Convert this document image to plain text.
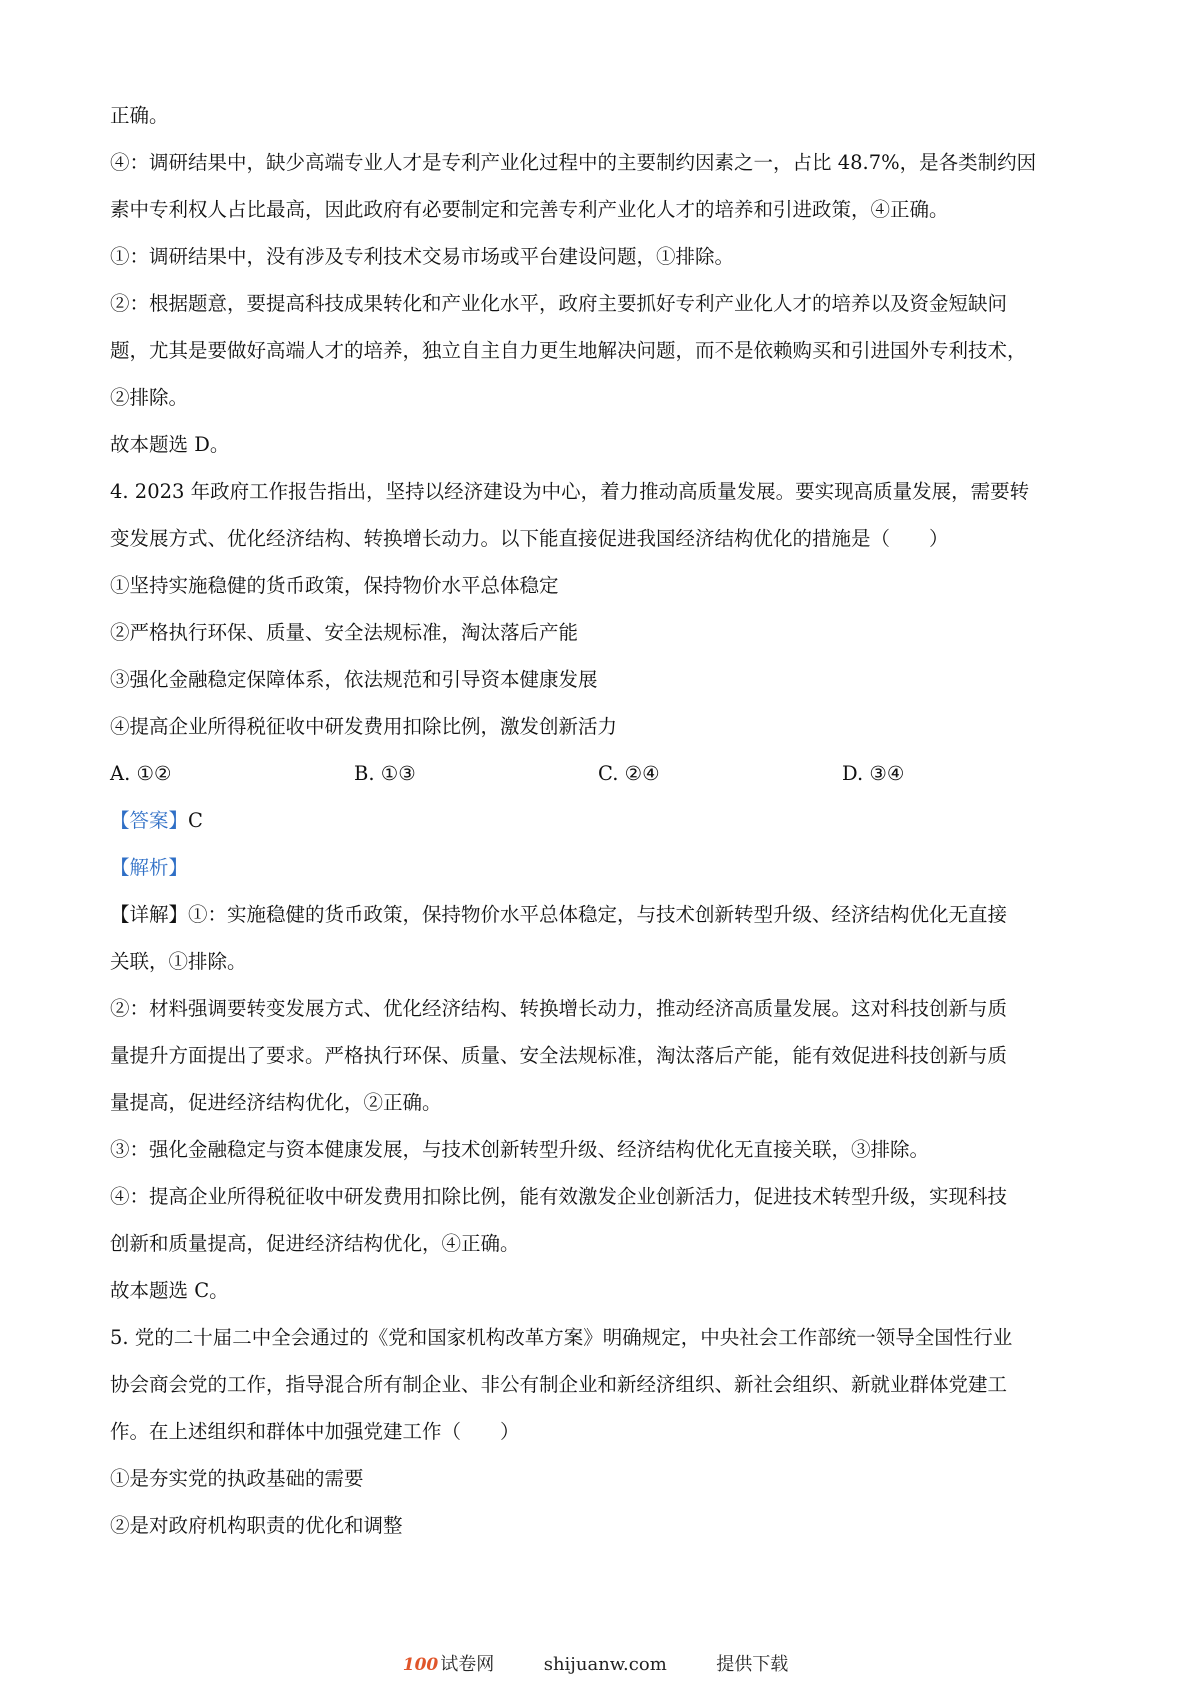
正确。

④：调研结果中，缺少高端专业人才是专利产业化过程中的主要制约因素之一，占比 48.7%，是各类制约因

素中专利权人占比最高，因此政府有必要制定和完善专利产业化人才的培养和引进政策，④正确。

①：调研结果中，没有涉及专利技术交易市场或平台建设问题，①排除。

②：根据题意，要提高科技成果转化和产业化水平，政府主要抓好专利产业化人才的培养以及资金短缺问

题，尤其是要做好高端人才的培养，独立自主自力更生地解决问题，而不是依赖购买和引进国外专利技术，

②排除。

故本题选 D。

4. 2023 年政府工作报告指出，坚持以经济建设为中心，着力推动高质量发展。要实现高质量发展，需要转

变发展方式、优化经济结构、转换增长动力。以下能直接促进我国经济结构优化的措施是（　　）

①坚持实施稳健的货币政策，保持物价水平总体稳定

②严格执行环保、质量、安全法规标准，淘汰落后产能

③强化金融稳定保障体系，依法规范和引导资本健康发展

④提高企业所得税征收中研发费用扣除比例，激发创新活力

A. ①②	B. ①③	C. ②④	D. ③④

【答案】C

【解析】

【详解】①：实施稳健的货币政策，保持物价水平总体稳定，与技术创新转型升级、经济结构优化无直接

关联，①排除。

②：材料强调要转变发展方式、优化经济结构、转换增长动力，推动经济高质量发展。这对科技创新与质

量提升方面提出了要求。严格执行环保、质量、安全法规标准，淘汰落后产能，能有效促进科技创新与质

量提高，促进经济结构优化，②正确。

③：强化金融稳定与资本健康发展，与技术创新转型升级、经济结构优化无直接关联，③排除。

④：提高企业所得税征收中研发费用扣除比例，能有效激发企业创新活力，促进技术转型升级，实现科技

创新和质量提高，促进经济结构优化，④正确。

故本题选 C。

5. 党的二十届二中全会通过的《党和国家机构改革方案》明确规定，中央社会工作部统一领导全国性行业

协会商会党的工作，指导混合所有制企业、非公有制企业和新经济组织、新社会组织、新就业群体党建工

作。在上述组织和群体中加强党建工作（　　）

①是夯实党的执政基础的需要

②是对政府机构职责的优化和调整

100 试卷网	shijuanw.com	提供下载
